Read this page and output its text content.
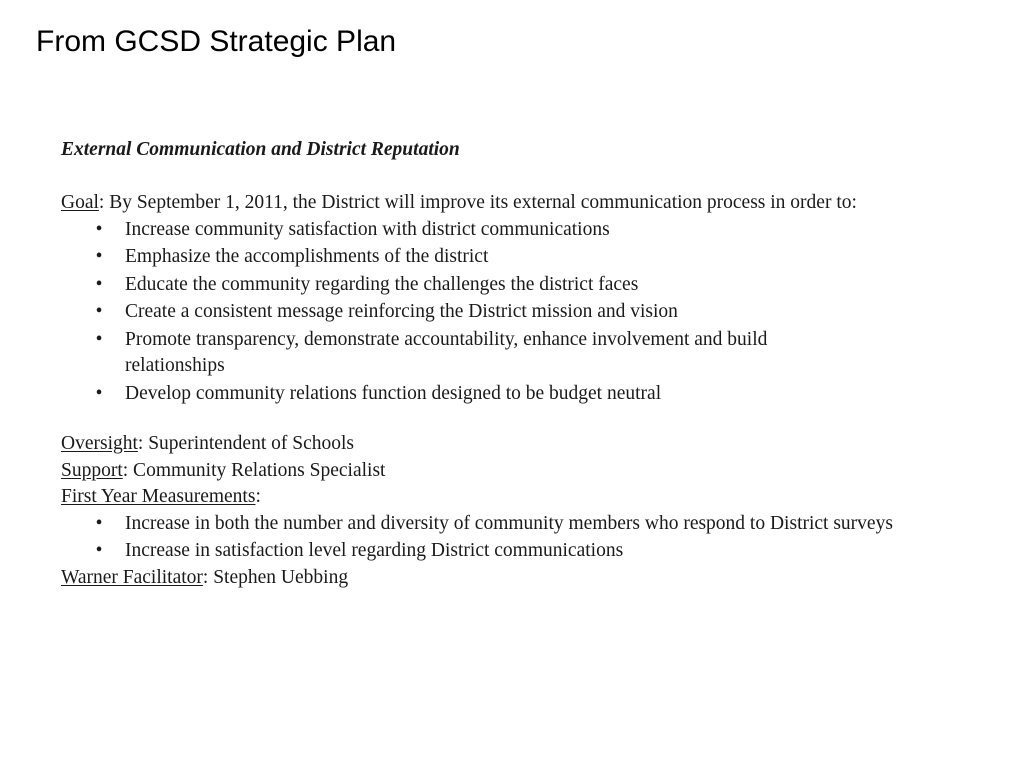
From GCSD Strategic Plan

External Communication and District Reputation

Goal: By September 1, 2011, the District will improve its external communication process in order to:

• Increase community satisfaction with district communications
• Emphasize the accomplishments of the district
• Educate the community regarding the challenges the district faces
• Create a consistent message reinforcing the District mission and vision
• Promote transparency, demonstrate accountability, enhance involvement and build relationships
• Develop community relations function designed to be budget neutral

Oversight: Superintendent of Schools

Support: Community Relations Specialist

First Year Measurements:

• Increase in both the number and diversity of community members who respond to District surveys
• Increase in satisfaction level regarding District communications

Warner Facilitator: Stephen Uebbing
